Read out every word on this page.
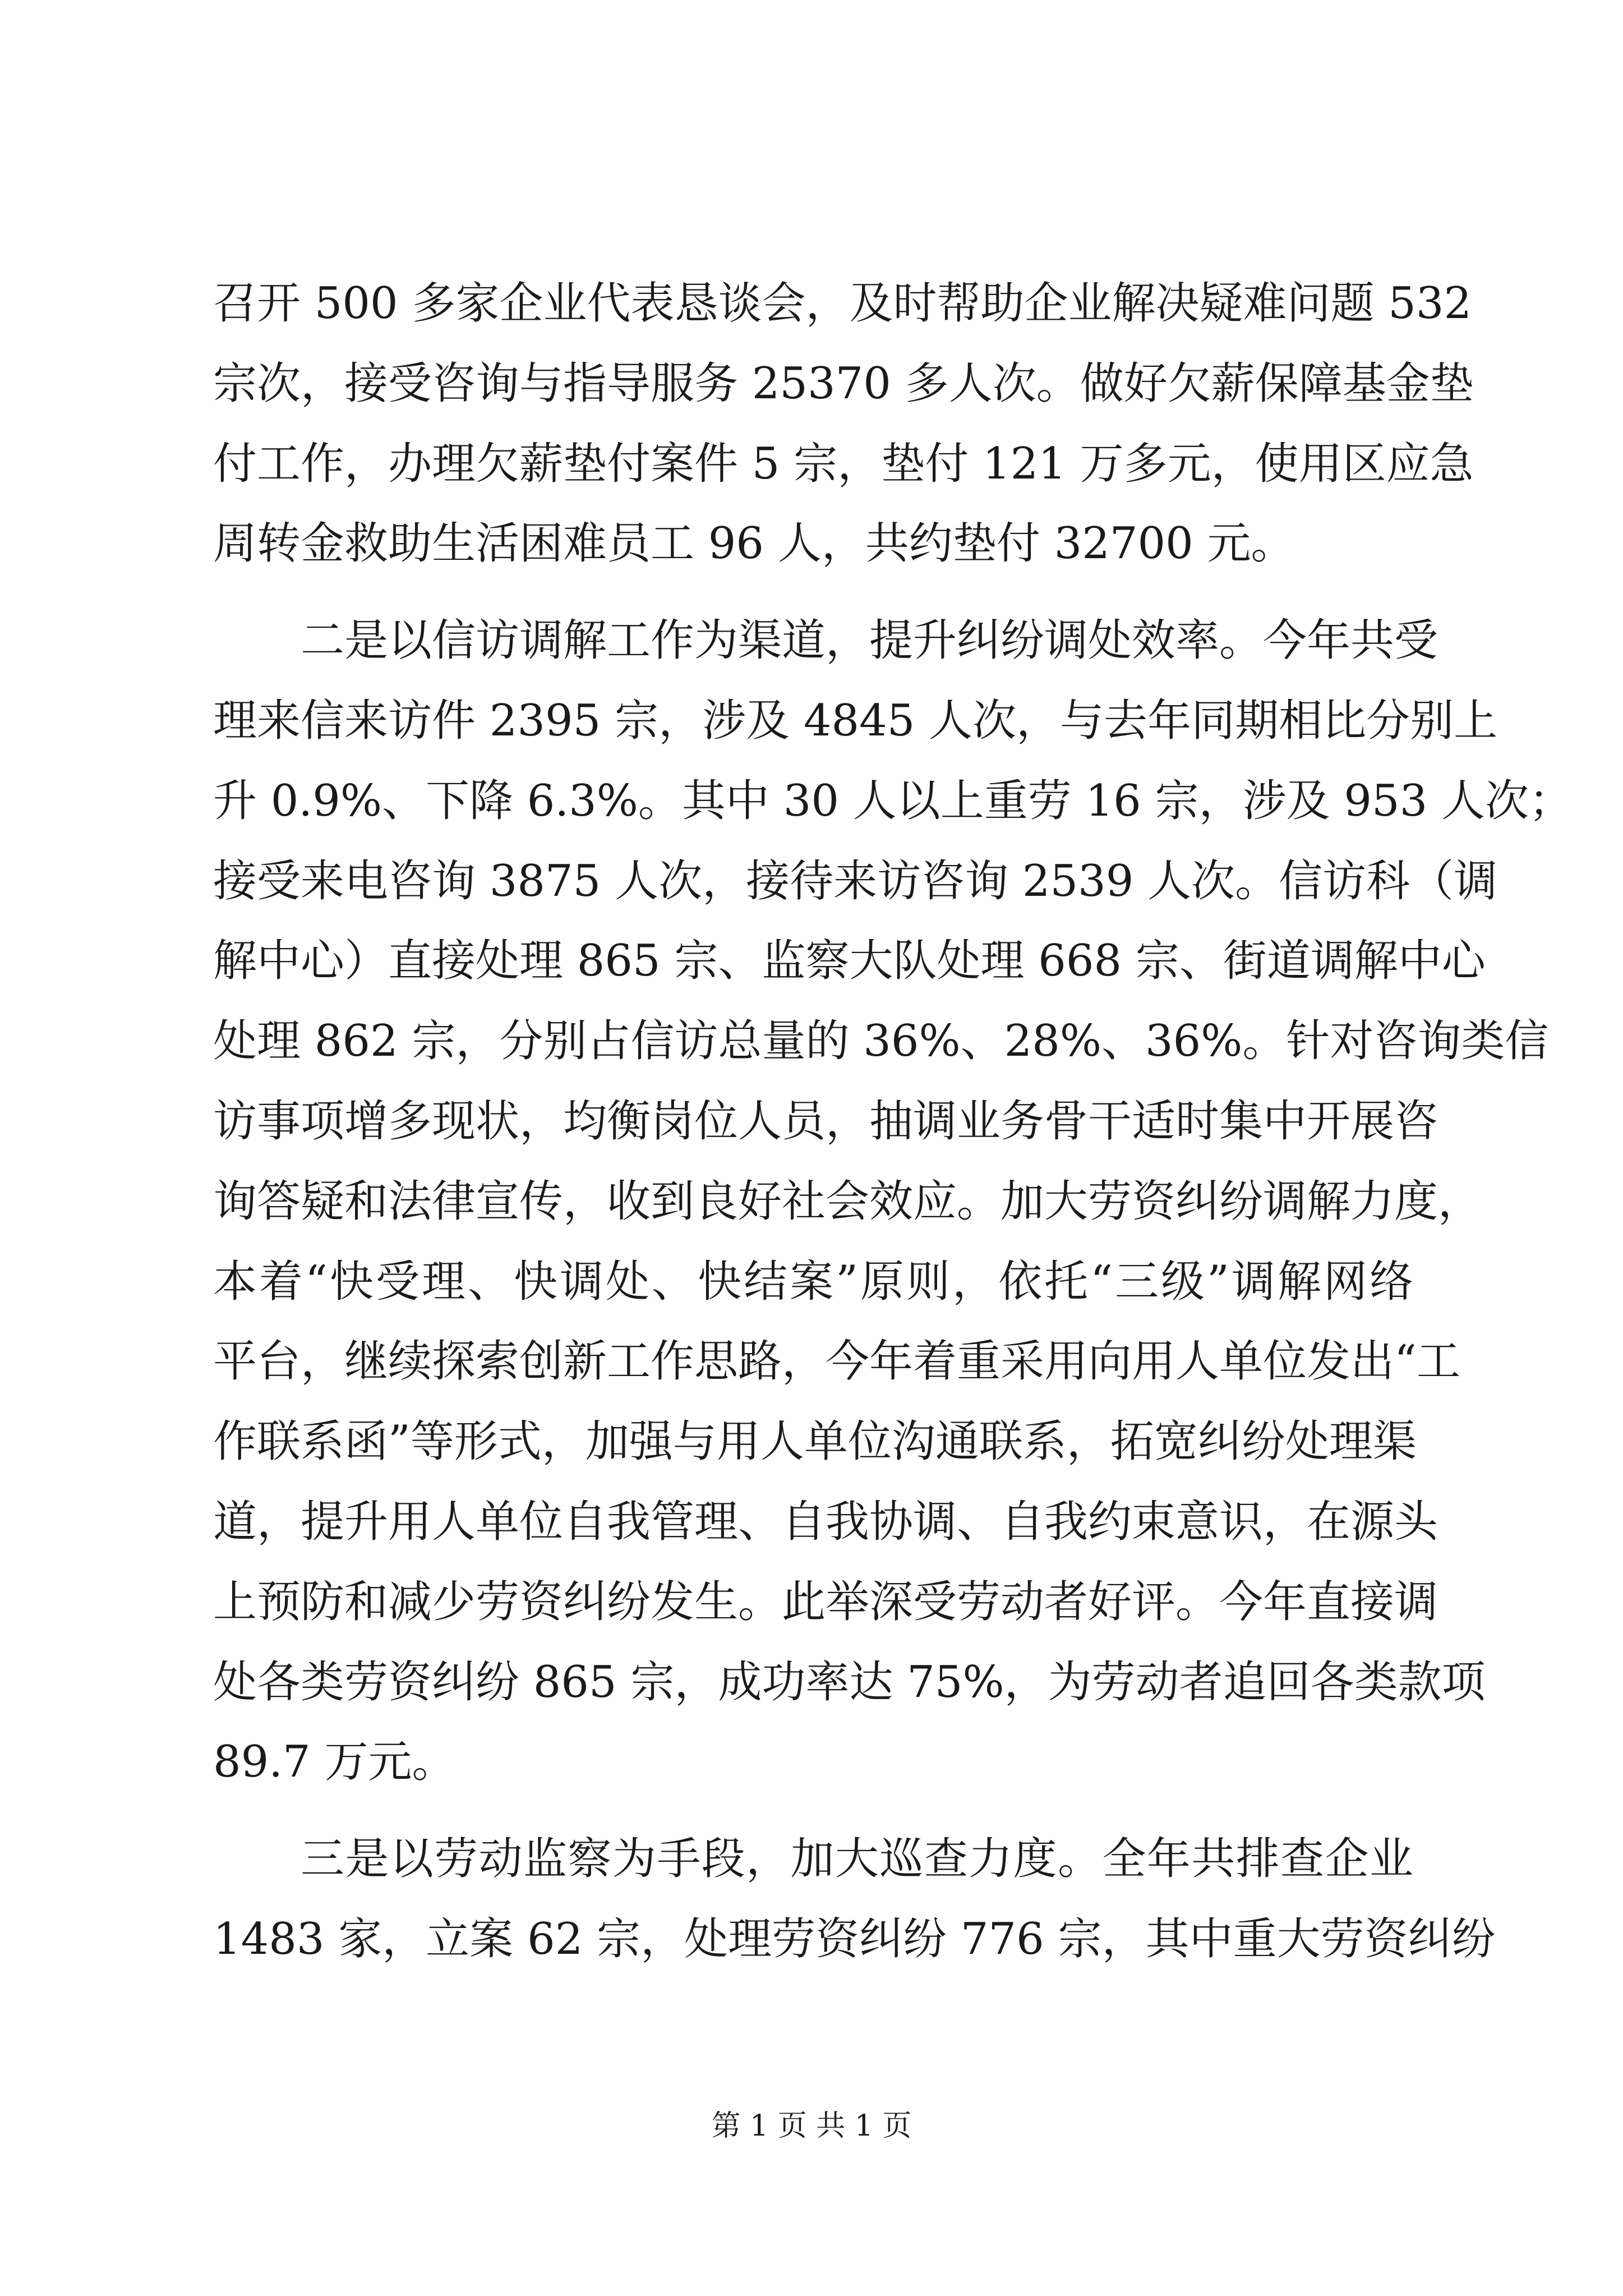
召开 500 多家企业代表恳谈会，及时帮助企业解决疑难问题 532
宗次，接受咨询与指导服务 25370 多人次。做好欠薪保障基金垫
付工作，办理欠薪垫付案件 5 宗，垫付 121 万多元，使用区应急
周转金救助生活困难员工 96 人，共约垫付 32700 元。
二是以信访调解工作为渠道，提升纠纷调处效率。今年共受
理来信来访件 2395 宗，涉及 4845 人次，与去年同期相比分别上
升 0.9%、下降 6.3%。其中 30 人以上重劳 16 宗，涉及 953 人次；
接受来电咨询 3875 人次，接待来访咨询 2539 人次。信访科（调
解中心）直接处理 865 宗、监察大队处理 668 宗、街道调解中心
处理 862 宗，分别占信访总量的 36%、28%、36%。针对咨询类信
访事项增多现状，均衡岗位人员，抽调业务骨干适时集中开展咨
询答疑和法律宣传，收到良好社会效应。加大劳资纠纷调解力度，
本着“快受理、快调处、快结案”原则，依托“三级”调解网络
平台，继续探索创新工作思路，今年着重采用向用人单位发出“工
作联系函”等形式，加强与用人单位沟通联系，拓宽纠纷处理渠
道，提升用人单位自我管理、自我协调、自我约束意识，在源头
上预防和减少劳资纠纷发生。此举深受劳动者好评。今年直接调
处各类劳资纠纷 865 宗，成功率达 75%，为劳动者追回各类款项
89.7 万元。
三是以劳动监察为手段，加大巡查力度。全年共排查企业
1483 家，立案 62 宗，处理劳资纠纷 776 宗，其中重大劳资纠纷
第 1 页 共 1 页
